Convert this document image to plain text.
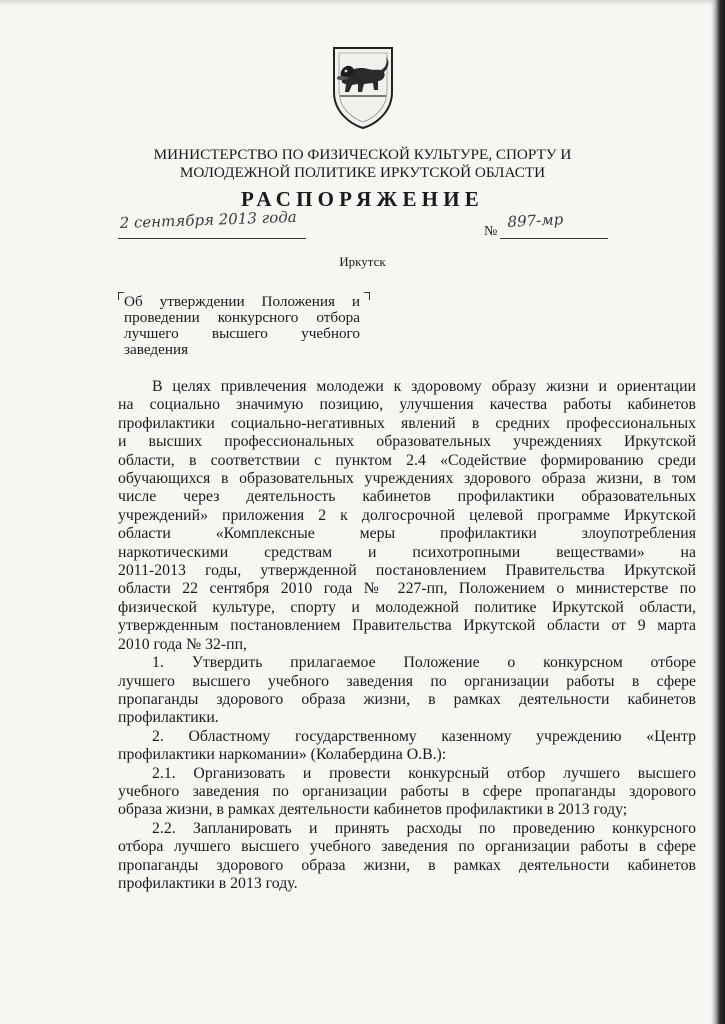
МИНИСТЕРСТВО ПО ФИЗИЧЕСКОЙ КУЛЬТУРЕ, СПОРТУ И
МОЛОДЕЖНОЙ ПОЛИТИКЕ ИРКУТСКОЙ ОБЛАСТИ
РАСПОРЯЖЕНИЕ
2 сентября 2013 года	№
897-мр
Иркутск
Об утверждении Положения и
проведении конкурсного отбора
лучшего высшего учебного
заведения
В целях привлечения молодежи к здоровому образу жизни и ориентации
на социально значимую позицию, улучшения качества работы кабинетов
профилактики социально-негативных явлений в средних профессиональных
и высших профессиональных образовательных учреждениях Иркутской
области, в соответствии с пунктом 2.4 «Содействие формированию среди
обучающихся в образовательных учреждениях здорового образа жизни, в том
числе через деятельность кабинетов профилактики образовательных
учреждений» приложения 2 к долгосрочной целевой программе Иркутской
области «Комплексные меры профилактики злоупотребления
наркотическими средствам и психотропными веществами» на
2011-2013 годы, утвержденной постановлением Правительства Иркутской
области 22 сентября 2010 года № 227-пп, Положением о министерстве по
физической культуре, спорту и молодежной политике Иркутской области,
утвержденным постановлением Правительства Иркутской области от 9 марта
2010 года № 32-пп,
1. Утвердить прилагаемое Положение о конкурсном отборе
лучшего высшего учебного заведения по организации работы в сфере
пропаганды здорового образа жизни, в рамках деятельности кабинетов
профилактики.
2. Областному государственному казенному учреждению «Центр
профилактики наркомании» (Колабердина О.В.):
2.1. Организовать и провести конкурсный отбор лучшего высшего
учебного заведения по организации работы в сфере пропаганды здорового
образа жизни, в рамках деятельности кабинетов профилактики в 2013 году;
2.2. Запланировать и принять расходы по проведению конкурсного
отбора лучшего высшего учебного заведения по организации работы в сфере
пропаганды здорового образа жизни, в рамках деятельности кабинетов
профилактики в 2013 году.
